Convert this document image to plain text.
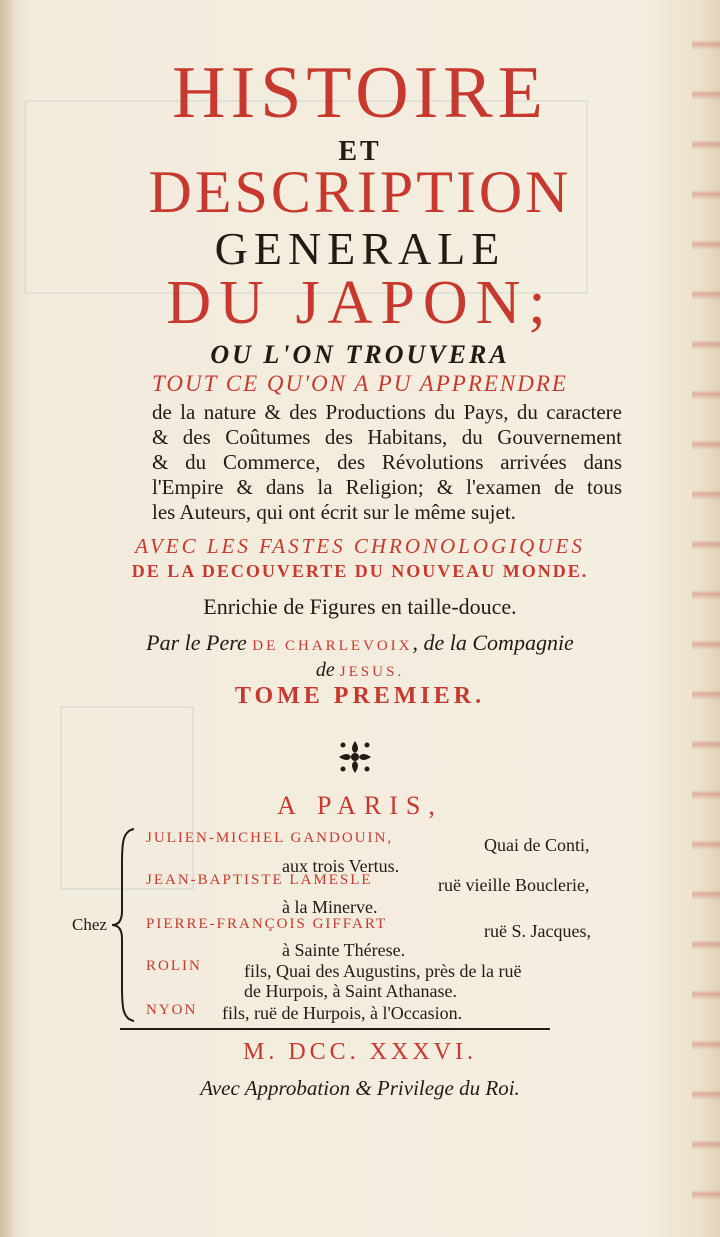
HISTOIRE
ET
DESCRIPTION
GENERALE
DU JAPON;
OU L'ON TROUVERA
TOUT CE QU'ON A PU APPRENDRE
de la nature & des Productions du Pays, du caractere
& des Coûtumes des Habitans, du Gouvernement
& du Commerce, des Révolutions arrivées dans
l'Empire & dans la Religion; & l'examen de tous
les Auteurs, qui ont écrit sur le même sujet.
AVEC LES FASTES CHRONOLOGIQUES
DE LA DECOUVERTE DU NOUVEAU MONDE.
Enrichie de Figures en taille-douce.
Par le Pere DE CHARLEVOIX, de la Compagnie
de JESUS.
TOME PREMIER.
A PARIS,
Chez
JULIEN-MICHEL GANDOUIN,	Quai de Conti,
aux trois Vertus.
JEAN-BAPTISTE LAMESLE	ruë vieille Bouclerie,
à la Minerve.
PIERRE-FRANÇOIS GIFFART	ruë S. Jacques,
à Sainte Thérese.
ROLIN fils, Quai des Augustins, près de la ruë
de Hurpois, à Saint Athanase.
NYON fils, ruë de Hurpois, à l'Occasion.
M. DCC. XXXVI.
Avec Approbation & Privilege du Roi.
